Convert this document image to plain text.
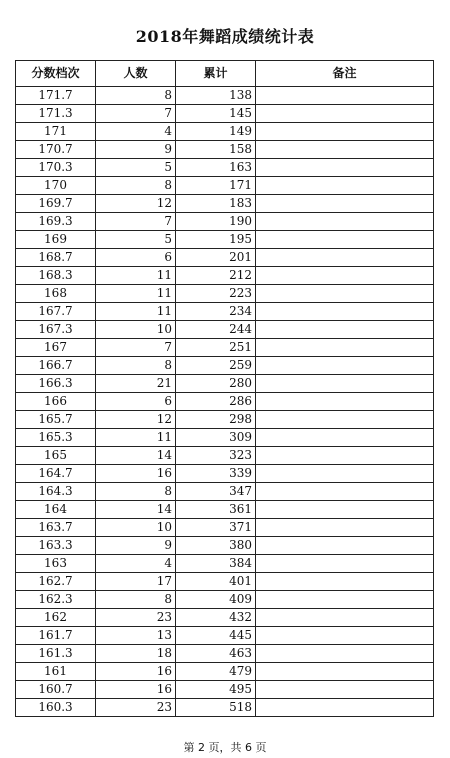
2018年舞蹈成绩统计表
分数档次	人数	累计	备注
171.7	8	138	
171.3	7	145	
171	4	149	
170.7	9	158	
170.3	5	163	
170	8	171	
169.7	12	183	
169.3	7	190	
169	5	195	
168.7	6	201	
168.3	11	212	
168	11	223	
167.7	11	234	
167.3	10	244	
167	7	251	
166.7	8	259	
166.3	21	280	
166	6	286	
165.7	12	298	
165.3	11	309	
165	14	323	
164.7	16	339	
164.3	8	347	
164	14	361	
163.7	10	371	
163.3	9	380	
163	4	384	
162.7	17	401	
162.3	8	409	
162	23	432	
161.7	13	445	
161.3	18	463	
161	16	479	
160.7	16	495	
160.3	23	518	
第 2 页，共 6 页
